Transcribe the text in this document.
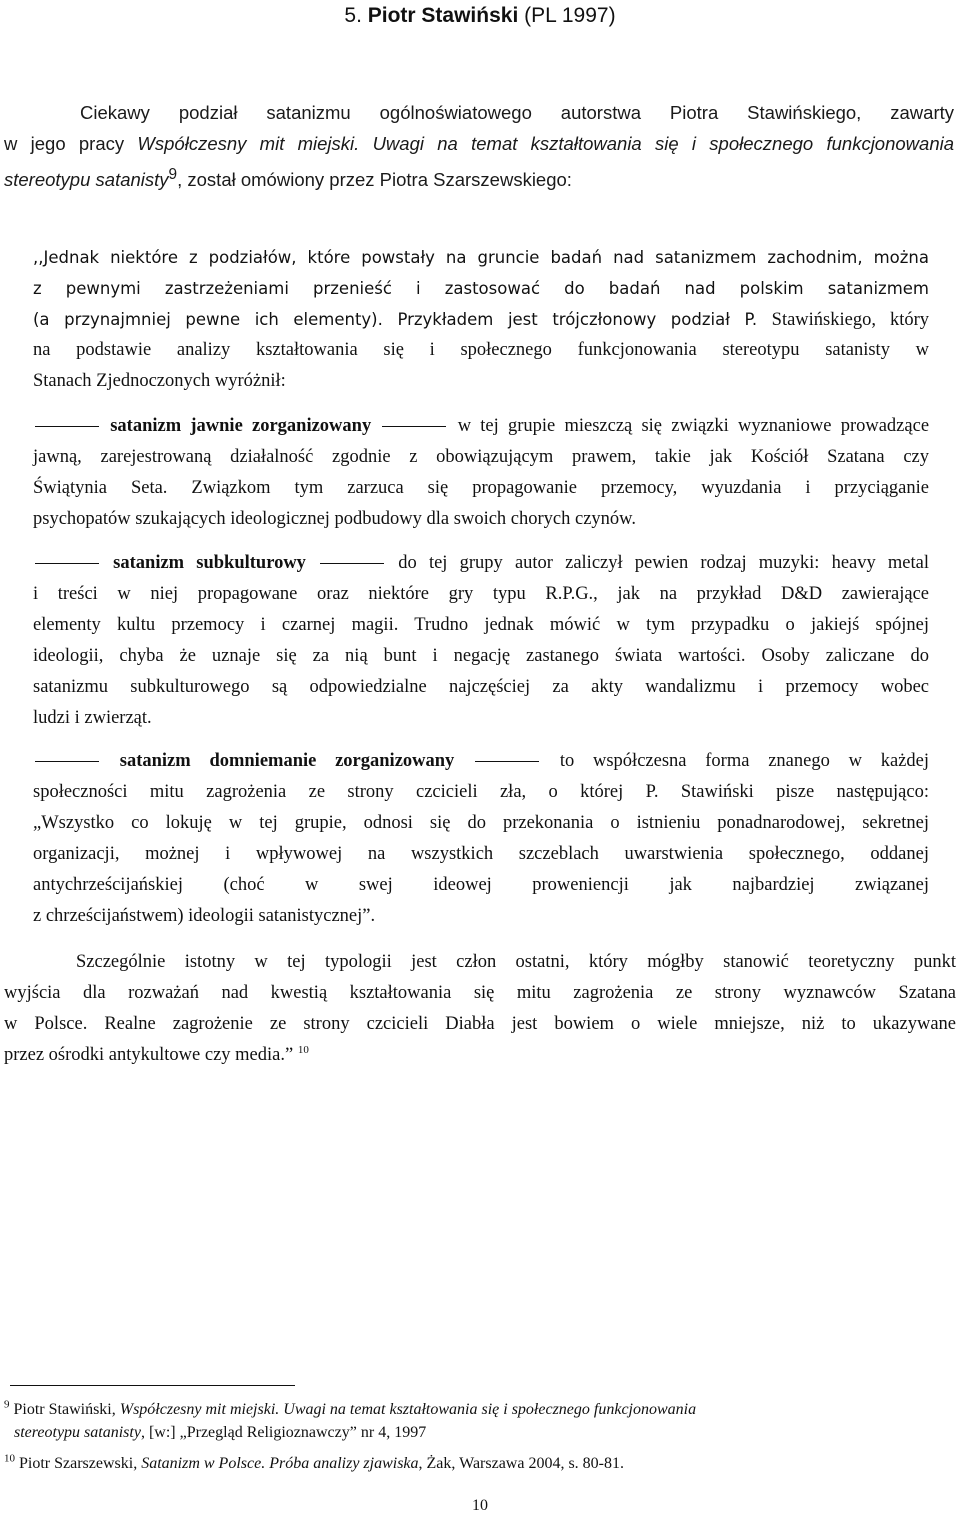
5. Piotr Stawiński (PL 1997)
Ciekawy podział satanizmu ogólnoświatowego autorstwa Piotra Stawińskiego, zawarty
w jego pracy Współczesny mit miejski. Uwagi na temat kształtowania się i społecznego funkcjonowania
stereotypu satanisty$^9$, został omówiony przez Piotra Szarszewskiego:
,,Jednak niektóre z podziałów, które powstały na gruncie badań nad satanizmem zachodnim, można
z pewnymi zastrzeżeniami przenieść i zastosować do badań nad polskim satanizmem
(a przynajmniej pewne ich elementy). Przykładem jest trójczłonowy podział P. Stawińskiego, który
na podstawie analizy kształtowania się i społecznego funkcjonowania stereotypu satanisty w
Stanach Zjednoczonych wyróżnił:
satanizm jawnie zorganizowany	w tej grupie mieszczą się związki wyznaniowe prowadzące
jawną, zarejestrowaną działalność zgodnie z obowiązującym prawem, takie jak Kościół Szatana czy
Świątynia Seta. Związkom tym zarzuca się propagowanie przemocy, wyuzdania i przyciąganie
psychopatów szukających ideologicznej podbudowy dla swoich chorych czynów.
satanizm subkulturowy	do tej grupy autor zaliczył pewien rodzaj muzyki: heavy metal
i treści w niej propagowane oraz niektóre gry typu R.P.G., jak na przykład D&D zawierające
elementy kultu przemocy i czarnej magii. Trudno jednak mówić w tym przypadku o jakiejś spójnej
ideologii, chyba że uznaje się za nią bunt i negację zastanego świata wartości. Osoby zaliczane do
satanizmu subkulturowego są odpowiedzialne najczęściej za akty wandalizmu i przemocy wobec
ludzi i zwierząt.
satanizm domniemanie zorganizowany	to współczesna forma znanego w każdej
społeczności mitu zagrożenia ze strony czcicieli zła, o której P. Stawiński pisze następująco:
„Wszystko co lokuję w tej grupie, odnosi się do przekonania o istnieniu ponadnarodowej, sekretnej
organizacji, możnej i wpływowej na wszystkich szczeblach uwarstwienia społecznego, oddanej
antychrześcijańskiej (choć w swej ideowej proweniencji jak najbardziej związanej
z chrześcijaństwem) ideologii satanistycznej”.
Szczególnie istotny w tej typologii jest człon ostatni, który mógłby stanowić teoretyczny punkt
wyjścia dla rozważań nad kwestią kształtowania się mitu zagrożenia ze strony wyznawców Szatana
w Polsce. Realne zagrożenie ze strony czcicieli Diabła jest bowiem o wiele mniejsze, niż to ukazywane
przez ośrodki antykultowe czy media.” $^{10}$
$^9$ Piotr Stawiński, Współczesny mit miejski. Uwagi na temat kształtowania się i społecznego funkcjonowania
stereotypu satanisty, [w:] „Przegląd Religioznawczy” nr 4, 1997
$^{10}$ Piotr Szarszewski, Satanizm w Polsce. Próba analizy zjawiska, Żak, Warszawa 2004, s. 80-81.
10
